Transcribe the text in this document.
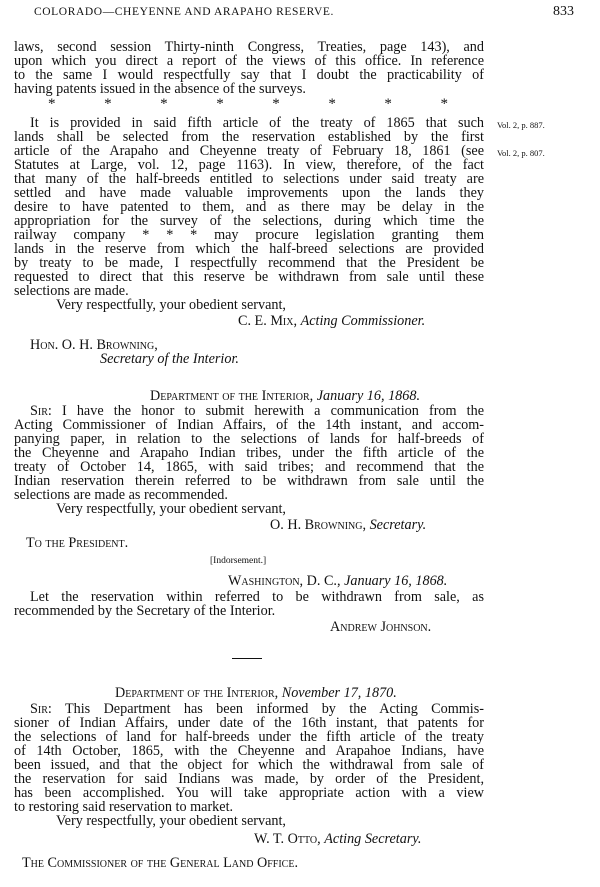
COLORADO—CHEYENNE AND ARAPAHO RESERVE.	833
laws, second session Thirty-ninth Congress, Treaties, page 143), and
upon which you direct a report of the views of this office. In reference
to the same I would respectfully say that I doubt the practicability of
having patents issued in the absence of the surveys.
*	*	*	*	*	*	*	*
It is provided in said fifth article of the treaty of 1865 that such Vol. 2, p. 887.
lands shall be selected from the reservation established by the first
article of the Arapaho and Cheyenne treaty of February 18, 1861 (see Vol. 2, p. 807.
Statutes at Large, vol. 12, page 1163). In view, therefore, of the fact
that many of the half-breeds entitled to selections under said treaty are
settled and have made valuable improvements upon the lands they
desire to have patented to them, and as there may be delay in the
appropriation for the survey of the selections, during which time the
railway company * * * may procure legislation granting them
lands in the reserve from which the half-breed selections are provided
by treaty to be made, I respectfully recommend that the President be
requested to direct that this reserve be withdrawn from sale until these
selections are made.
Very respectfully, your obedient servant,
C. E. Mix, Acting Commissioner.
Hon. O. H. Browning,
Secretary of the Interior.
Department of the Interior, January 16, 1868.
Sir: I have the honor to submit herewith a communication from the
Acting Commissioner of Indian Affairs, of the 14th instant, and accom-
panying paper, in relation to the selections of lands for half-breeds of
the Cheyenne and Arapaho Indian tribes, under the fifth article of the
treaty of October 14, 1865, with said tribes; and recommend that the
Indian reservation therein referred to be withdrawn from sale until the
selections are made as recommended.
Very respectfully, your obedient servant,
O. H. Browning, Secretary.
To the President.
[Indorsement.]
Washington, D. C., January 16, 1868.
Let the reservation within referred to be withdrawn from sale, as
recommended by the Secretary of the Interior.
Andrew Johnson.
Department of the Interior, November 17, 1870.
Sir: This Department has been informed by the Acting Commis-
sioner of Indian Affairs, under date of the 16th instant, that patents for
the selections of land for half-breeds under the fifth article of the treaty
of 14th October, 1865, with the Cheyenne and Arapahoe Indians, have
been issued, and that the object for which the withdrawal from sale of
the reservation for said Indians was made, by order of the President,
has been accomplished. You will take appropriate action with a view
to restoring said reservation to market.
Very respectfully, your obedient servant,
W. T. Otto, Acting Secretary.
The Commissioner of the General Land Office.
